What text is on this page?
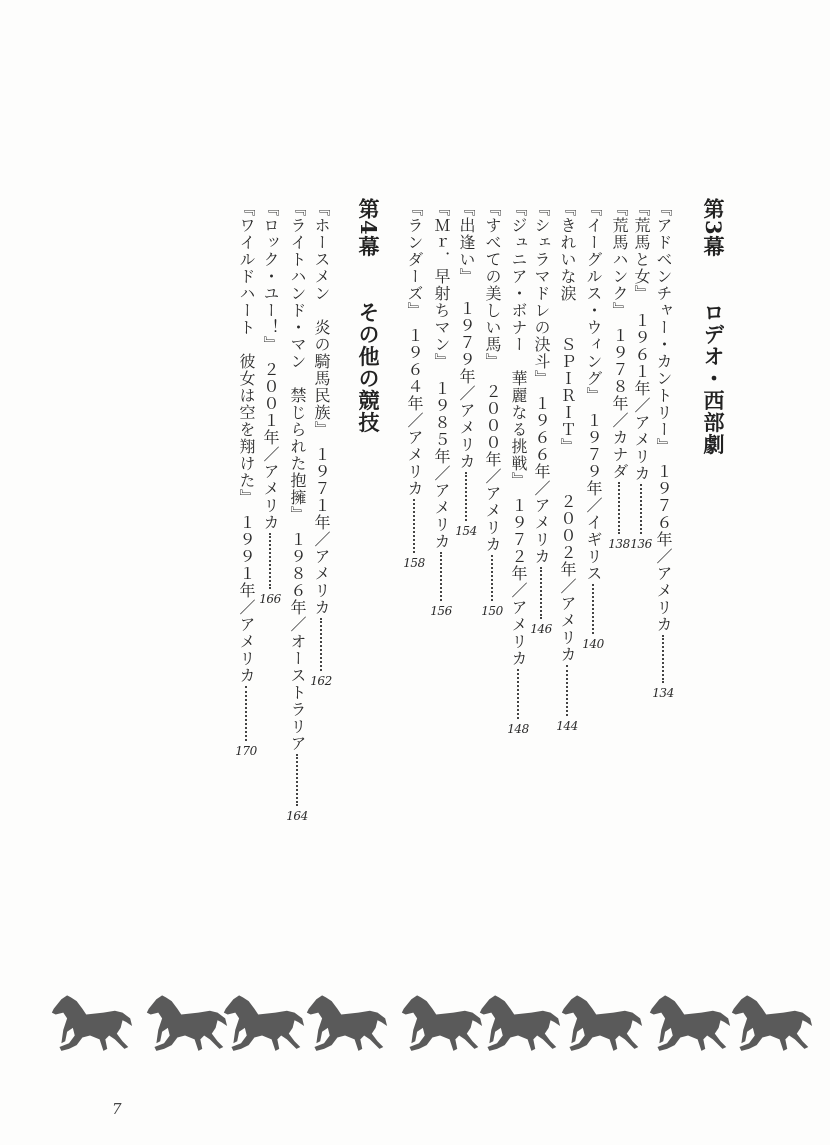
第3幕ロデオ・西部劇
第4幕その他の競技	『アドベンチャー・カントリー』
１９７６年／アメリカ
134
『荒馬と女』
１９６１年／アメリカ
136
『荒馬ハンク』
１９７８年／カナダ
138
『イーグルス・ウィング』
１９７９年／イギリス
140
『きれいな涙　　ＳＰＩＲＩＴ』
２００２年／アメリカ
144
『シェラマドレの決斗』
１９６６年／アメリカ
146
『ジュニア・ボナー　華麗なる挑戦』
１９７２年／アメリカ
148
『すべての美しい馬』
２０００年／アメリカ
150
『出逢い』
１９７９年／アメリカ
154
『Ｍｒ．早射ちマン』
１９８５年／アメリカ
156
『ランダーズ』
１９６４年／アメリカ
158
『ホースメン　炎の騎馬民族』
１９７１年／アメリカ
162
『ライトハンド・マン　禁じられた抱擁』
１９８６年／オーストラリア
164
『ロック・ユー！』
２００１年／アメリカ
166
『ワイルドハート　彼女は空を翔けた』
１９９１年／アメリカ
170
7
